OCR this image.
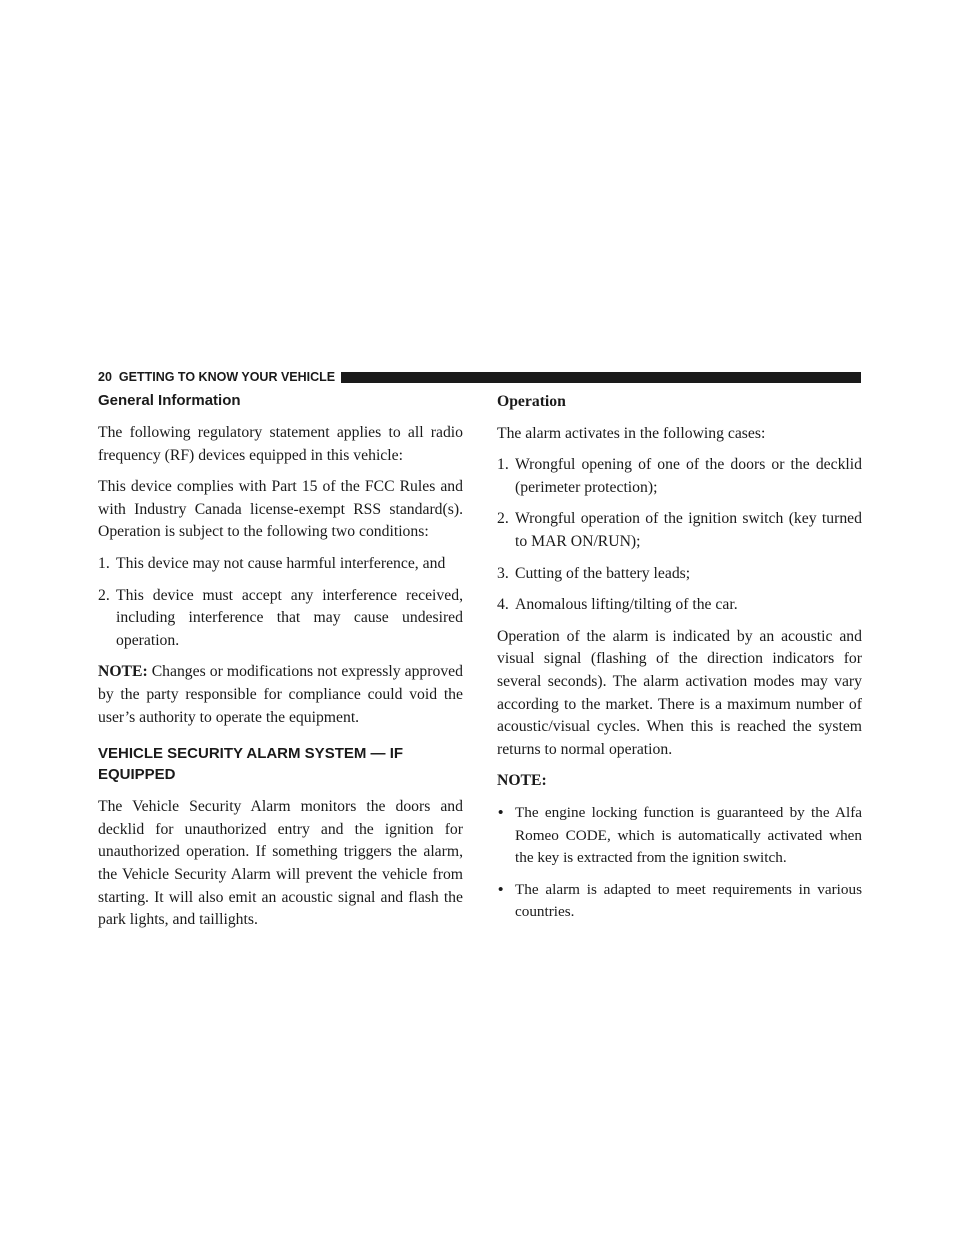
20 GETTING TO KNOW YOUR VEHICLE
General Information

The following regulatory statement applies to all radio frequency (RF) devices equipped in this vehicle:

This device complies with Part 15 of the FCC Rules and with Industry Canada license-exempt RSS standard(s). Operation is subject to the following two conditions:

1. This device may not cause harmful interference, and
2. This device must accept any interference received, including interference that may cause undesired operation.

NOTE: Changes or modifications not expressly approved by the party responsible for compliance could void the user’s authority to operate the equipment.

VEHICLE SECURITY ALARM SYSTEM — IF EQUIPPED

The Vehicle Security Alarm monitors the doors and decklid for unauthorized entry and the ignition for unauthorized operation. If something triggers the alarm, the Vehicle Security Alarm will prevent the vehicle from starting. It will also emit an acoustic signal and flash the park lights, and taillights.

Operation

The alarm activates in the following cases:

1. Wrongful opening of one of the doors or the decklid (perimeter protection);
2. Wrongful operation of the ignition switch (key turned to MAR ON/RUN);
3. Cutting of the battery leads;
4. Anomalous lifting/tilting of the car.

Operation of the alarm is indicated by an acoustic and visual signal (flashing of the direction indicators for several seconds). The alarm activation modes may vary according to the market. There is a maximum number of acoustic/visual cycles. When this is reached the system returns to normal operation.

NOTE:
• The engine locking function is guaranteed by the Alfa Romeo CODE, which is automatically activated when the key is extracted from the ignition switch.
• The alarm is adapted to meet requirements in various countries.
